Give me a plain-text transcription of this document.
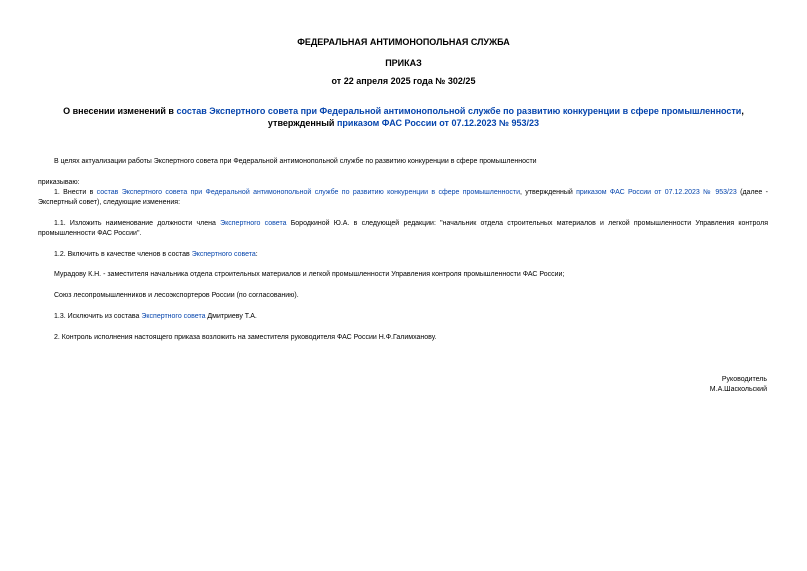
ФЕДЕРАЛЬНАЯ АНТИМОНОПОЛЬНАЯ СЛУЖБА
ПРИКАЗ
от 22 апреля 2025 года № 302/25
О внесении изменений в состав Экспертного совета при Федеральной антимонопольной службе по развитию конкуренции в сфере промышленности, утвержденный приказом ФАС России от 07.12.2023 № 953/23
В целях актуализации работы Экспертного совета при Федеральной антимонопольной службе по развитию конкуренции в сфере промышленности
приказываю:
1. Внести в состав Экспертного совета при Федеральной антимонопольной службе по развитию конкуренции в сфере промышленности, утвержденный приказом ФАС России от 07.12.2023 № 953/23 (далее - Экспертный совет), следующие изменения:
1.1. Изложить наименование должности члена Экспертного совета Бородкиной Ю.А. в следующей редакции: "начальник отдела строительных материалов и легкой промышленности Управления контроля промышленности ФАС России".
1.2. Включить в качестве членов в состав Экспертного совета:
Мурадову К.Н. - заместителя начальника отдела строительных материалов и легкой промышленности Управления контроля промышленности ФАС России;
Союз лесопромышленников и лесоэкспортеров России (по согласованию).
1.3. Исключить из состава Экспертного совета Дмитриеву Т.А.
2. Контроль исполнения настоящего приказа возложить на заместителя руководителя ФАС России Н.Ф.Галимханову.
Руководитель
М.А.Шаскольский
